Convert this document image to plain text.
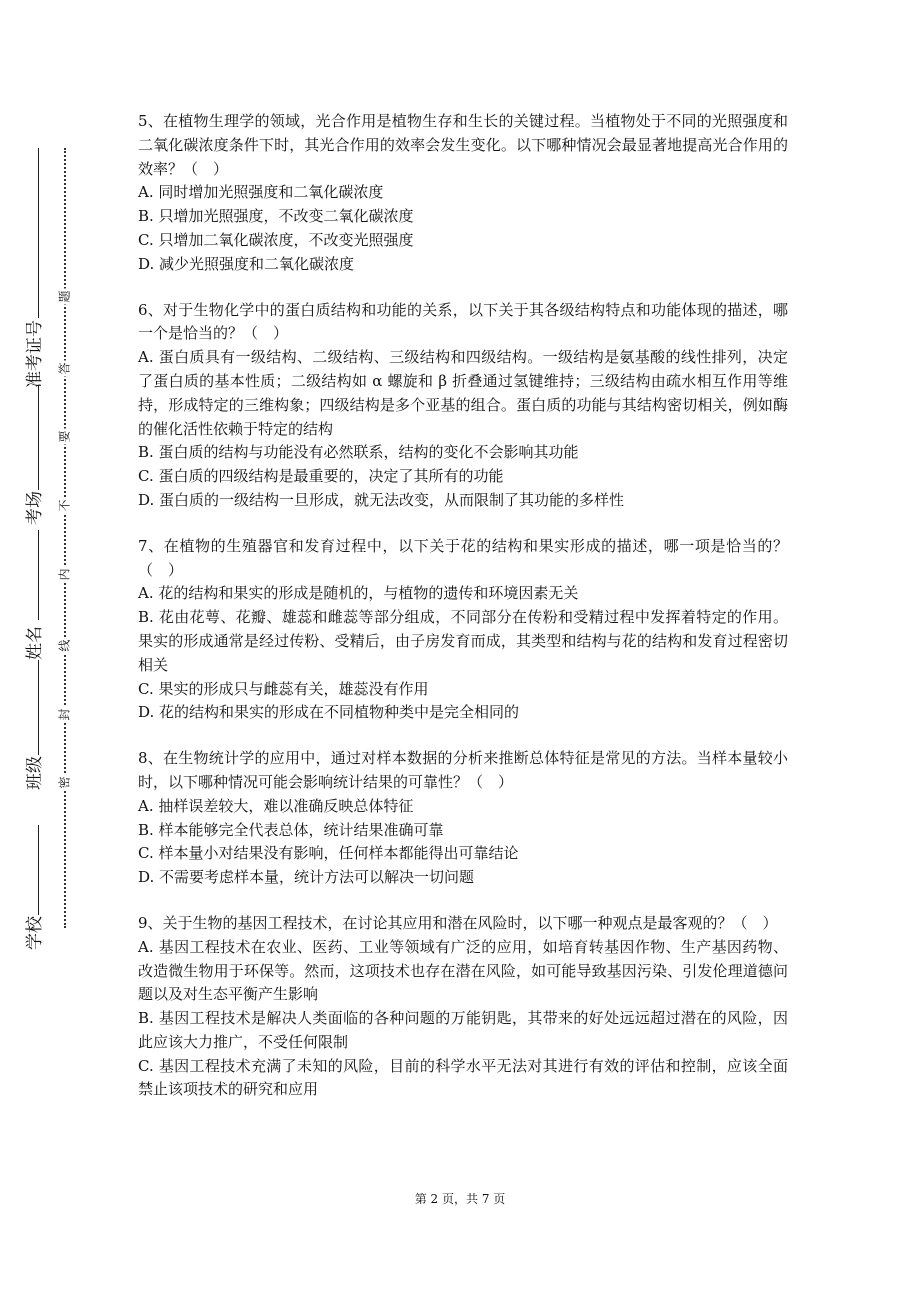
学校
班级
姓名
考场
准考证号
题
答
要
不
内
线
封
密
5、在植物生理学的领域，光合作用是植物生存和生长的关键过程。当植物处于不同的光照强度和二氧化碳浓度条件下时，其光合作用的效率会发生变化。以下哪种情况会最显著地提高光合作用的效率？（　）
A. 同时增加光照强度和二氧化碳浓度
B. 只增加光照强度，不改变二氧化碳浓度
C. 只增加二氧化碳浓度，不改变光照强度
D. 减少光照强度和二氧化碳浓度
6、对于生物化学中的蛋白质结构和功能的关系，以下关于其各级结构特点和功能体现的描述，哪一个是恰当的？（　）
A. 蛋白质具有一级结构、二级结构、三级结构和四级结构。一级结构是氨基酸的线性排列，决定了蛋白质的基本性质；二级结构如 α 螺旋和 β 折叠通过氢键维持；三级结构由疏水相互作用等维持，形成特定的三维构象；四级结构是多个亚基的组合。蛋白质的功能与其结构密切相关，例如酶的催化活性依赖于特定的结构
B. 蛋白质的结构与功能没有必然联系，结构的变化不会影响其功能
C. 蛋白质的四级结构是最重要的，决定了其所有的功能
D. 蛋白质的一级结构一旦形成，就无法改变，从而限制了其功能的多样性
7、在植物的生殖器官和发育过程中，以下关于花的结构和果实形成的描述，哪一项是恰当的？（　）
A. 花的结构和果实的形成是随机的，与植物的遗传和环境因素无关
B. 花由花萼、花瓣、雄蕊和雌蕊等部分组成，不同部分在传粉和受精过程中发挥着特定的作用。果实的形成通常是经过传粉、受精后，由子房发育而成，其类型和结构与花的结构和发育过程密切相关
C. 果实的形成只与雌蕊有关，雄蕊没有作用
D. 花的结构和果实的形成在不同植物种类中是完全相同的
8、在生物统计学的应用中，通过对样本数据的分析来推断总体特征是常见的方法。当样本量较小时，以下哪种情况可能会影响统计结果的可靠性？（　）
A. 抽样误差较大，难以准确反映总体特征
B. 样本能够完全代表总体，统计结果准确可靠
C. 样本量小对结果没有影响，任何样本都能得出可靠结论
D. 不需要考虑样本量，统计方法可以解决一切问题
9、关于生物的基因工程技术，在讨论其应用和潜在风险时，以下哪一种观点是最客观的？（　）
A. 基因工程技术在农业、医药、工业等领域有广泛的应用，如培育转基因作物、生产基因药物、改造微生物用于环保等。然而，这项技术也存在潜在风险，如可能导致基因污染、引发伦理道德问题以及对生态平衡产生影响
B. 基因工程技术是解决人类面临的各种问题的万能钥匙，其带来的好处远远超过潜在的风险，因此应该大力推广，不受任何限制
C. 基因工程技术充满了未知的风险，目前的科学水平无法对其进行有效的评估和控制，应该全面禁止该项技术的研究和应用
第 2 页，共 7 页
